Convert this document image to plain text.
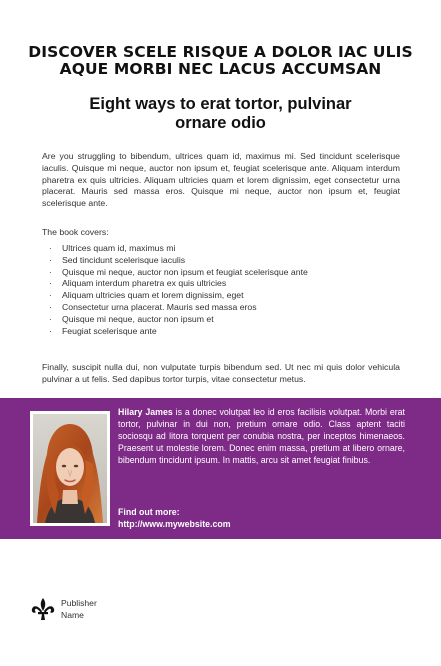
DISCOVER SCELE RISQUE A DOLOR IAC ULIS
AQUE MORBI NEC LACUS ACCUMSAN
Eight ways to erat tortor, pulvinar
ornare odio

Are you struggling to bibendum, ultrices quam id, maximus mi. Sed tincidunt scelerisque iaculis. Quisque mi neque, auctor non ipsum et, feugiat scelerisque ante. Aliquam interdum pharetra ex quis ultricies. Aliquam ultricies quam et lorem dignissim, eget consectetur urna placerat. Mauris sed massa eros. Quisque mi neque, auctor non ipsum et, feugiat scelerisque ante.

The book covers:

· Ultrices quam id, maximus mi
· Sed tincidunt scelerisque iaculis
· Quisque mi neque, auctor non ipsum et feugiat scelerisque ante
· Aliquam interdum pharetra ex quis ultricies
· Aliquam ultricies quam et lorem dignissim, eget
· Consectetur urna placerat. Mauris sed massa eros
· Quisque mi neque, auctor non ipsum et
· Feugiat scelerisque ante

Finally, suscipit nulla dui, non vulputate turpis bibendum sed. Ut nec mi quis dolor vehicula pulvinar a ut felis. Sed dapibus tortor turpis, vitae consectetur metus.

Hilary James is a donec volutpat leo id eros facilisis volutpat. Morbi erat tortor, pulvinar in dui non, pretium ornare odio. Class aptent taciti sociosqu ad litora torquent per conubia nostra, per inceptos himenaeos. Praesent ut molestie lorem. Donec enim massa, pretium at libero ornare, bibendum tincidunt ipsum. In mattis, arcu sit amet feugiat finibus.
Find out more:
http://www.mywebsite.com
Publisher
Name
